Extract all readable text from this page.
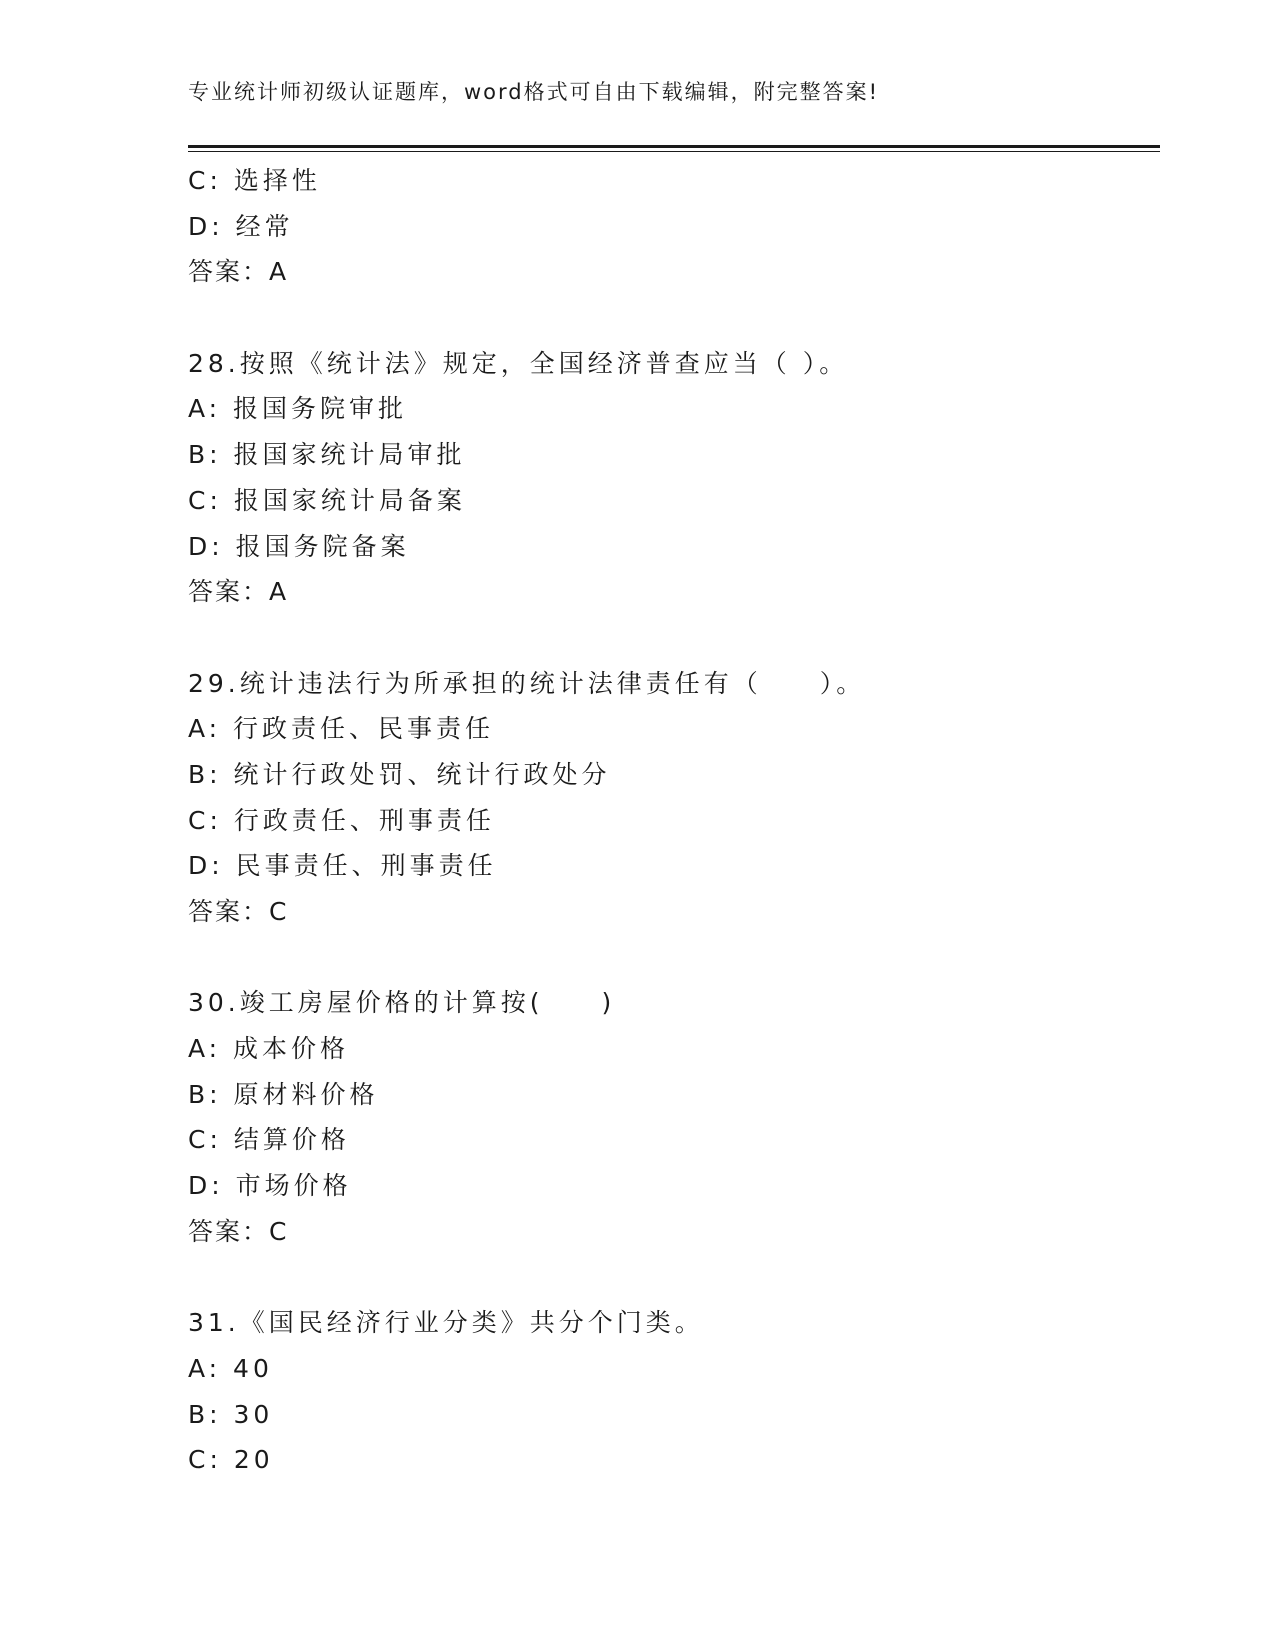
专业统计师初级认证题库，word格式可自由下载编辑，附完整答案!
C: 选择性
D: 经常
答案：A
28.按照《统计法》规定，全国经济普查应当（ ）。
A: 报国务院审批
B: 报国家统计局审批
C: 报国家统计局备案
D: 报国务院备案
答案：A
29.统计违法行为所承担的统计法律责任有（　　）。
A: 行政责任、民事责任
B: 统计行政处罚、统计行政处分
C: 行政责任、刑事责任
D: 民事责任、刑事责任
答案：C
30.竣工房屋价格的计算按(　　)
A: 成本价格
B: 原材料价格
C: 结算价格
D: 市场价格
答案：C
31.《国民经济行业分类》共分个门类。
A: 40
B: 30
C: 20
